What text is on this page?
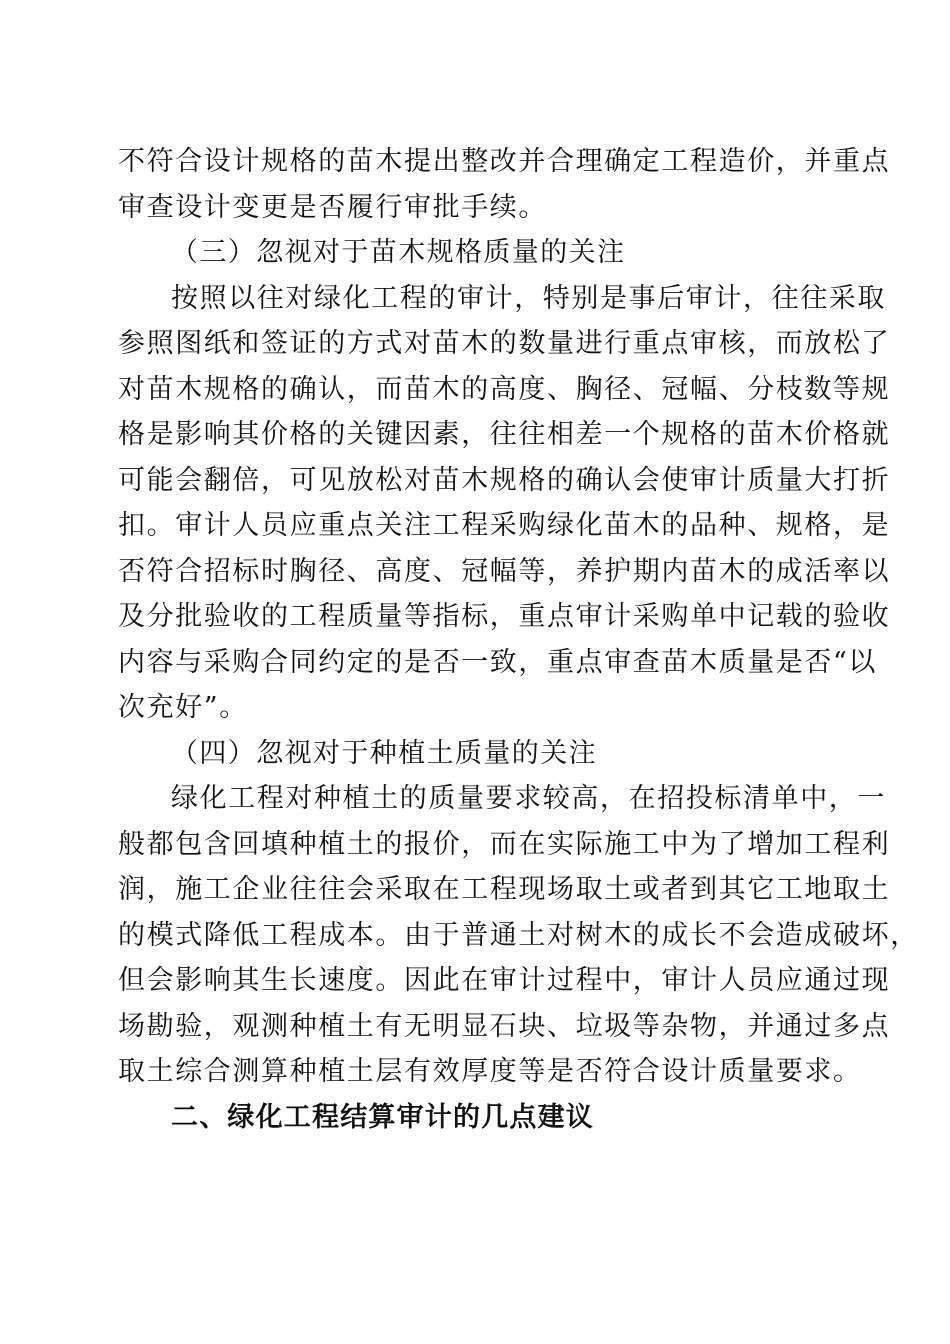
不符合设计规格的苗木提出整改并合理确定工程造价，并重点
审查设计变更是否履行审批手续。
（三）忽视对于苗木规格质量的关注
按照以往对绿化工程的审计，特别是事后审计，往往采取
参照图纸和签证的方式对苗木的数量进行重点审核，而放松了
对苗木规格的确认，而苗木的高度、胸径、冠幅、分枝数等规
格是影响其价格的关键因素，往往相差一个规格的苗木价格就
可能会翻倍，可见放松对苗木规格的确认会使审计质量大打折
扣。审计人员应重点关注工程采购绿化苗木的品种、规格，是
否符合招标时胸径、高度、冠幅等，养护期内苗木的成活率以
及分批验收的工程质量等指标，重点审计采购单中记载的验收
内容与采购合同约定的是否一致，重点审查苗木质量是否“以
次充好”。
（四）忽视对于种植土质量的关注
绿化工程对种植土的质量要求较高，在招投标清单中，一
般都包含回填种植土的报价，而在实际施工中为了增加工程利
润，施工企业往往会采取在工程现场取土或者到其它工地取土
的模式降低工程成本。由于普通土对树木的成长不会造成破坏，
但会影响其生长速度。因此在审计过程中，审计人员应通过现
场勘验，观测种植土有无明显石块、垃圾等杂物，并通过多点
取土综合测算种植土层有效厚度等是否符合设计质量要求。
二、绿化工程结算审计的几点建议
